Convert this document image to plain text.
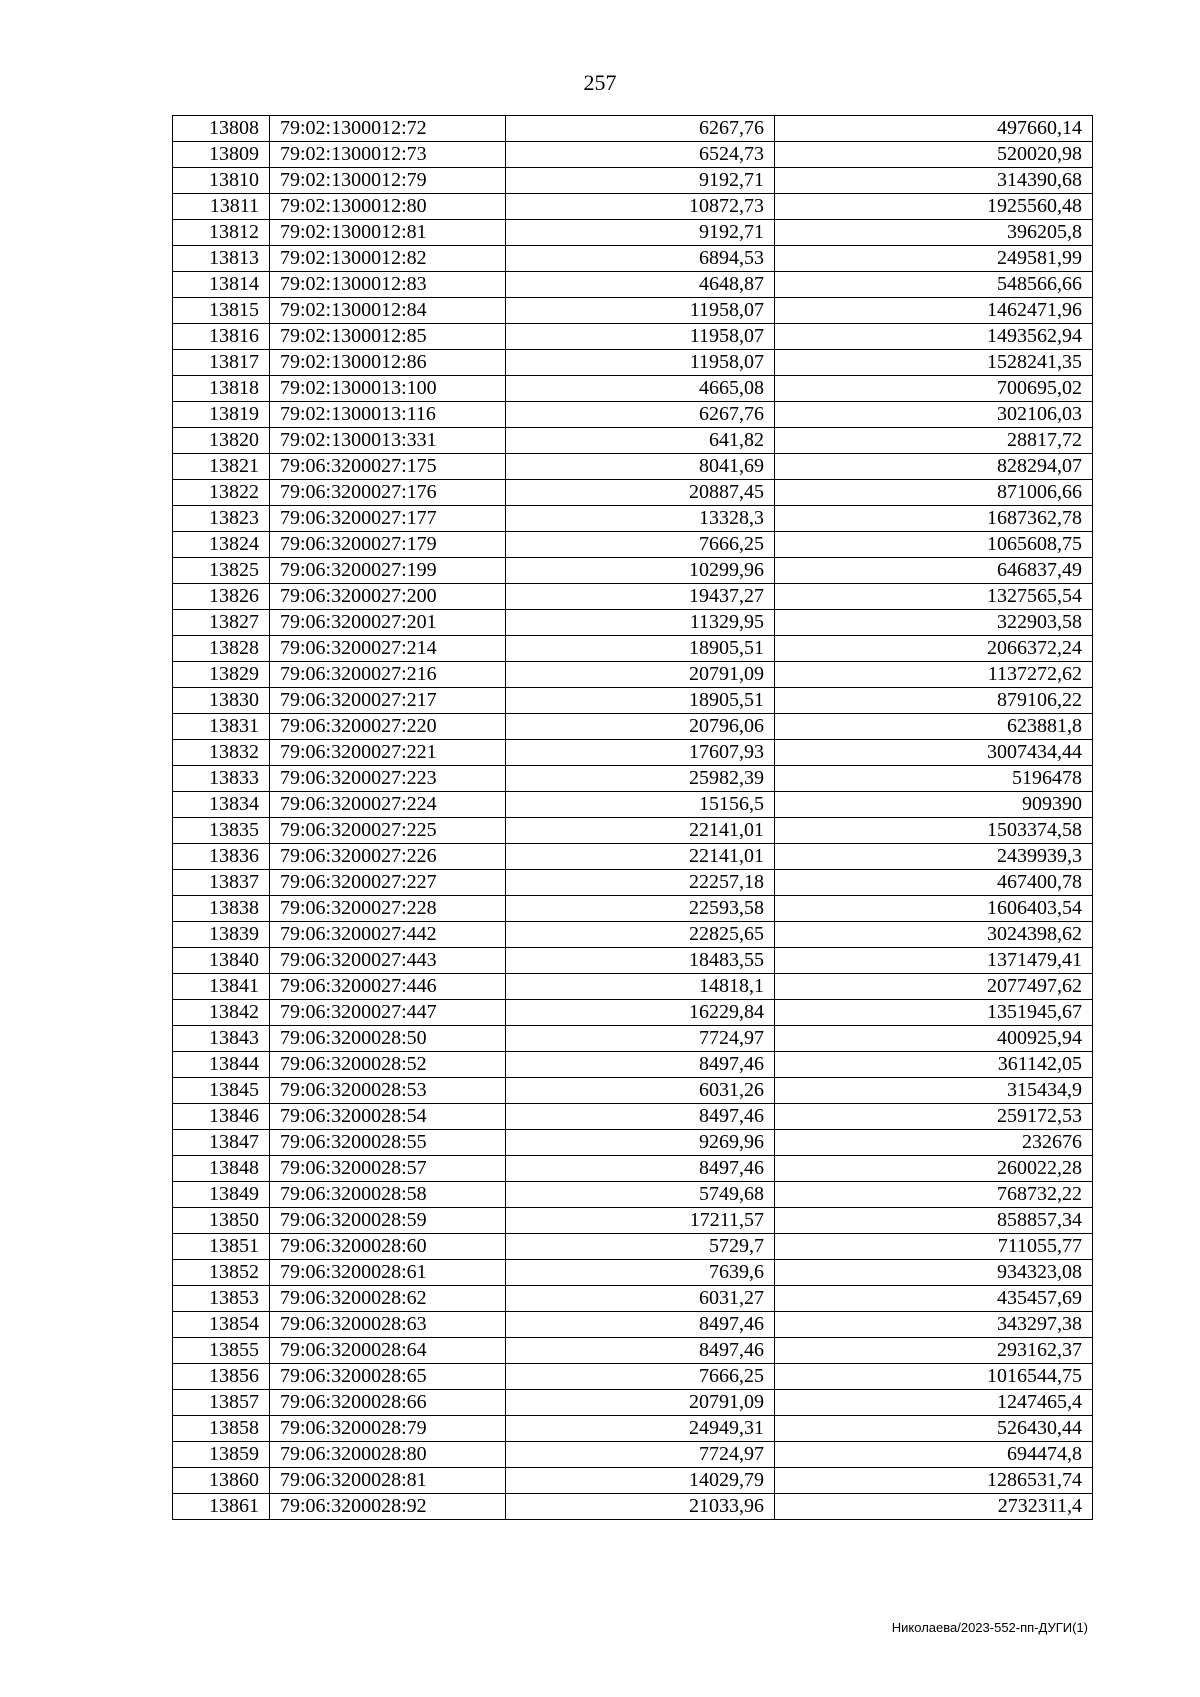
257
13808	79:02:1300012:72	6267,76	497660,14
13809	79:02:1300012:73	6524,73	520020,98
13810	79:02:1300012:79	9192,71	314390,68
13811	79:02:1300012:80	10872,73	1925560,48
13812	79:02:1300012:81	9192,71	396205,8
13813	79:02:1300012:82	6894,53	249581,99
13814	79:02:1300012:83	4648,87	548566,66
13815	79:02:1300012:84	11958,07	1462471,96
13816	79:02:1300012:85	11958,07	1493562,94
13817	79:02:1300012:86	11958,07	1528241,35
13818	79:02:1300013:100	4665,08	700695,02
13819	79:02:1300013:116	6267,76	302106,03
13820	79:02:1300013:331	641,82	28817,72
13821	79:06:3200027:175	8041,69	828294,07
13822	79:06:3200027:176	20887,45	871006,66
13823	79:06:3200027:177	13328,3	1687362,78
13824	79:06:3200027:179	7666,25	1065608,75
13825	79:06:3200027:199	10299,96	646837,49
13826	79:06:3200027:200	19437,27	1327565,54
13827	79:06:3200027:201	11329,95	322903,58
13828	79:06:3200027:214	18905,51	2066372,24
13829	79:06:3200027:216	20791,09	1137272,62
13830	79:06:3200027:217	18905,51	879106,22
13831	79:06:3200027:220	20796,06	623881,8
13832	79:06:3200027:221	17607,93	3007434,44
13833	79:06:3200027:223	25982,39	5196478
13834	79:06:3200027:224	15156,5	909390
13835	79:06:3200027:225	22141,01	1503374,58
13836	79:06:3200027:226	22141,01	2439939,3
13837	79:06:3200027:227	22257,18	467400,78
13838	79:06:3200027:228	22593,58	1606403,54
13839	79:06:3200027:442	22825,65	3024398,62
13840	79:06:3200027:443	18483,55	1371479,41
13841	79:06:3200027:446	14818,1	2077497,62
13842	79:06:3200027:447	16229,84	1351945,67
13843	79:06:3200028:50	7724,97	400925,94
13844	79:06:3200028:52	8497,46	361142,05
13845	79:06:3200028:53	6031,26	315434,9
13846	79:06:3200028:54	8497,46	259172,53
13847	79:06:3200028:55	9269,96	232676
13848	79:06:3200028:57	8497,46	260022,28
13849	79:06:3200028:58	5749,68	768732,22
13850	79:06:3200028:59	17211,57	858857,34
13851	79:06:3200028:60	5729,7	711055,77
13852	79:06:3200028:61	7639,6	934323,08
13853	79:06:3200028:62	6031,27	435457,69
13854	79:06:3200028:63	8497,46	343297,38
13855	79:06:3200028:64	8497,46	293162,37
13856	79:06:3200028:65	7666,25	1016544,75
13857	79:06:3200028:66	20791,09	1247465,4
13858	79:06:3200028:79	24949,31	526430,44
13859	79:06:3200028:80	7724,97	694474,8
13860	79:06:3200028:81	14029,79	1286531,74
13861	79:06:3200028:92	21033,96	2732311,4
Николаева/2023-552-пп-ДУГИ(1)
